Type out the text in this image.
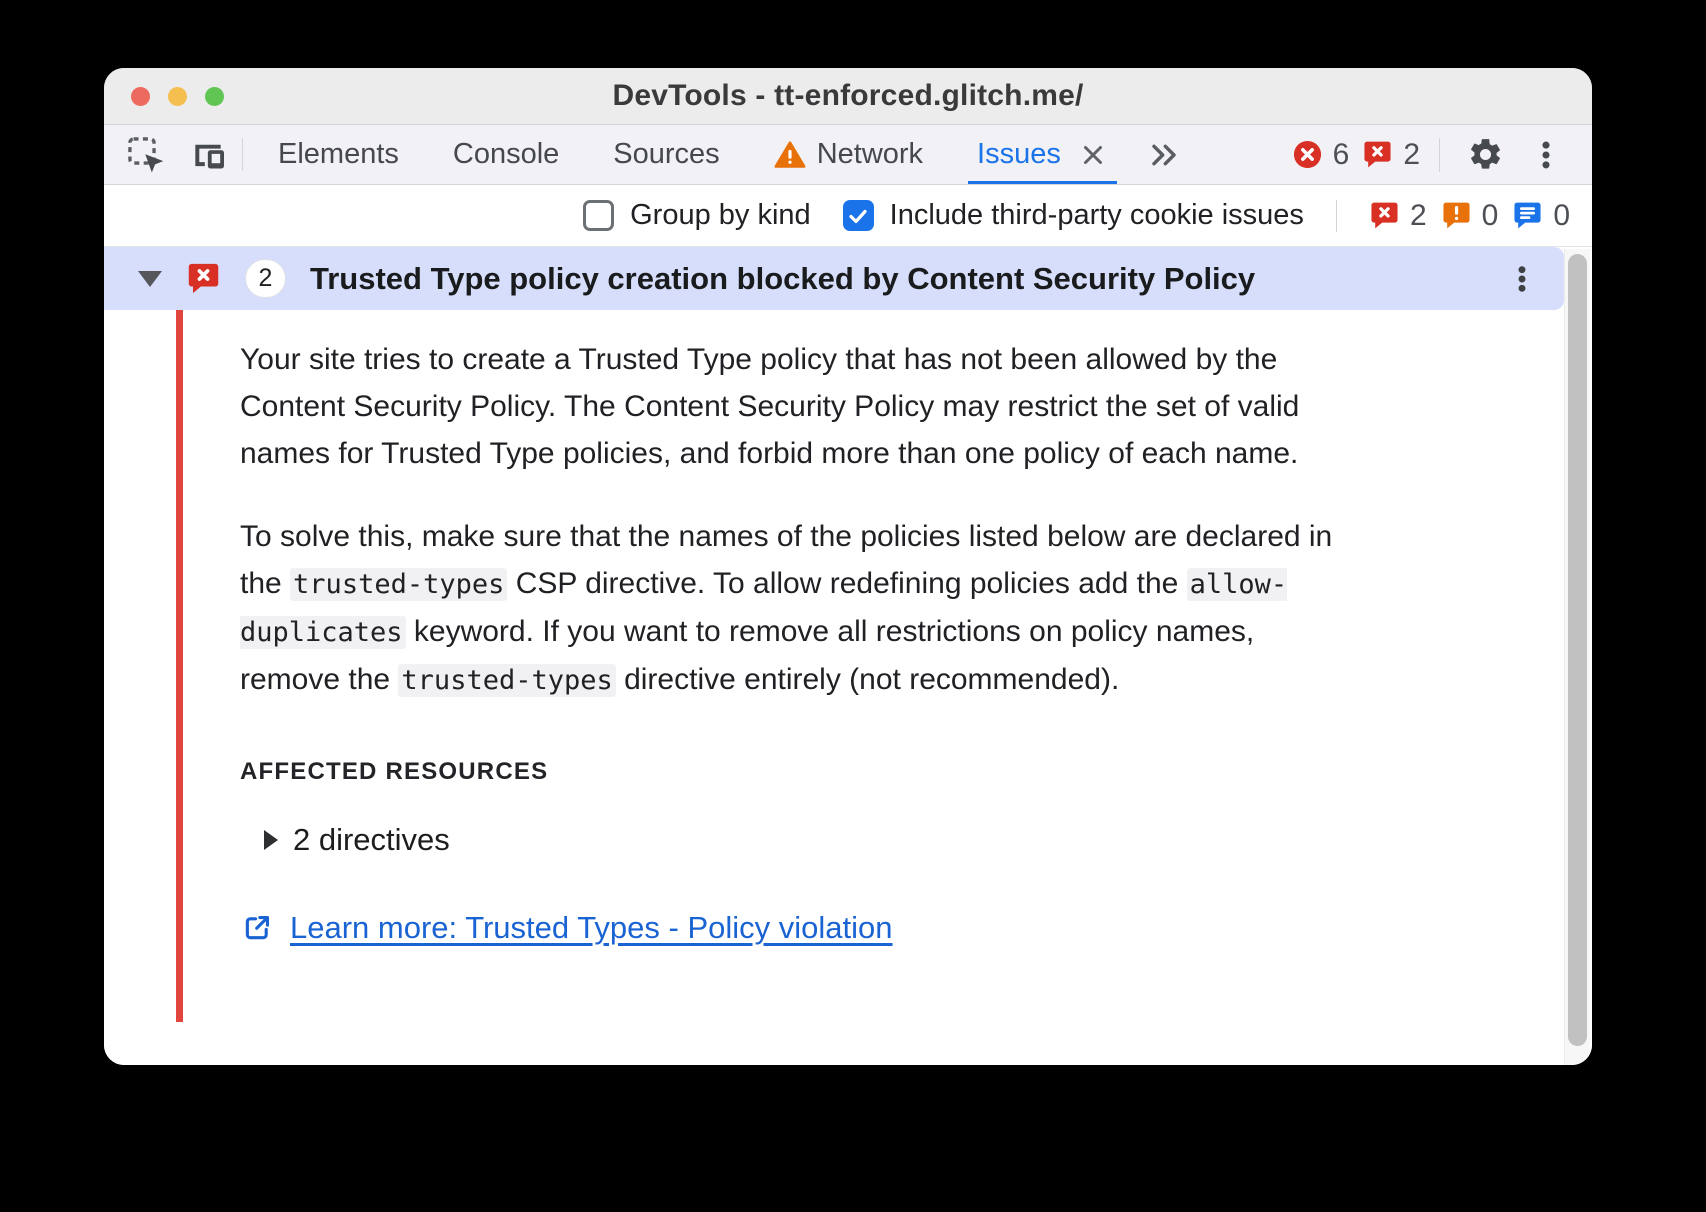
DevTools - tt-enforced.glitch.me/
Elements Console Sources	Network Issues	6 2
Group by kind	Include third-party cookie issues	2 0 0
2	Trusted Type policy creation blocked by Content Security Policy

Your site tries to create a Trusted Type policy that has not been allowed by the Content Security Policy. The Content Security Policy may restrict the set of valid names for Trusted Type policies, and forbid more than one policy of each name.

To solve this, make sure that the names of the policies listed below are declared in the trusted-types CSP directive. To allow redefining policies add the allow-duplicates keyword. If you want to remove all restrictions on policy names, remove the trusted-types directive entirely (not recommended).

AFFECTED RESOURCES
2 directives
Learn more: Trusted Types - Policy violation
